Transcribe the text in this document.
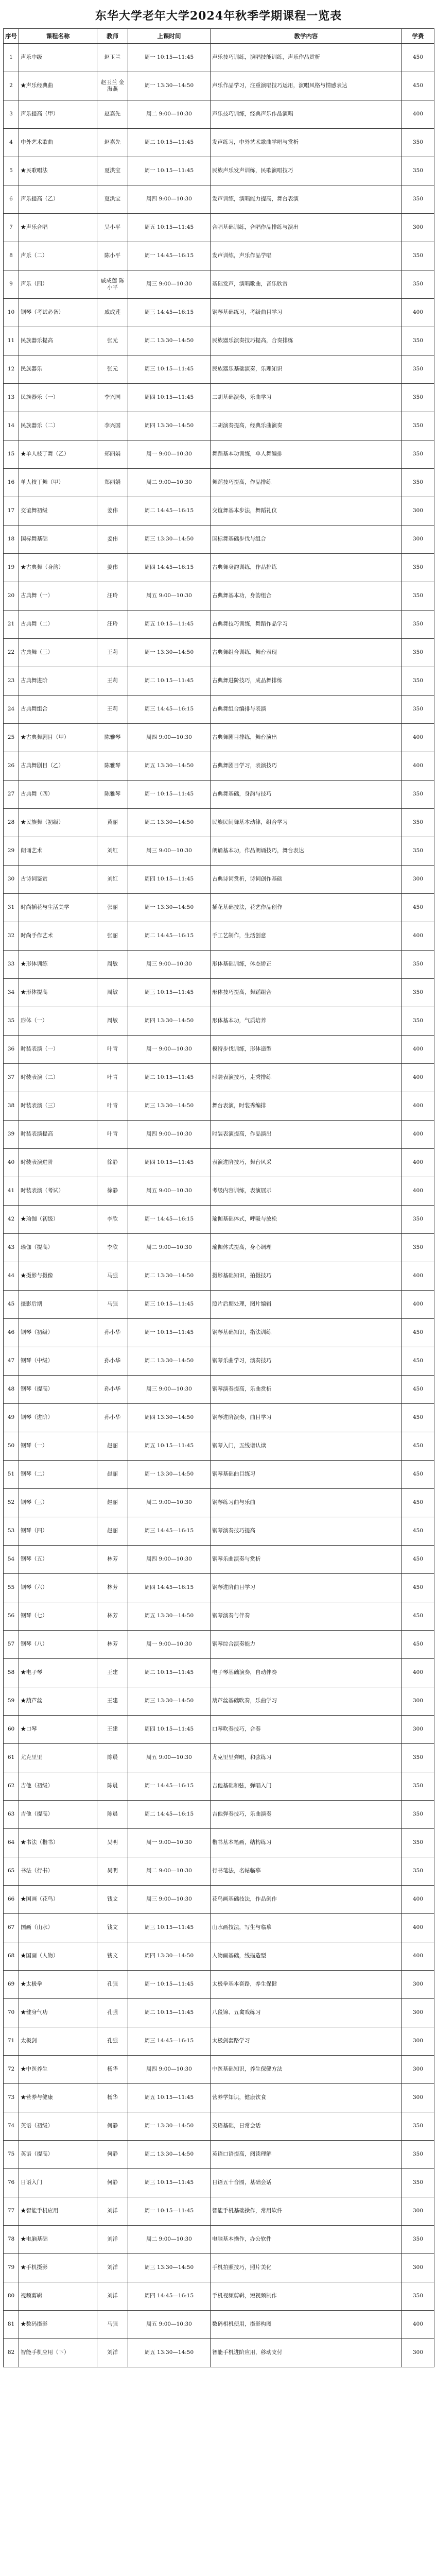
东华大学老年大学2024年秋季学期课程一览表
序号	课程名称	教师	上课时间	教学内容	学费
1	声乐中级	赵玉兰	周一 10:15—11:45	声乐技巧训练，演唱技能训练，声乐作品赏析	450
2	★声乐经典曲	赵玉兰 金海燕	周一 13:30—14:50	声乐作品学习，注重演唱技巧运用，演唱风格与情感表达	450
3	声乐提高（甲）	赵嘉先	周二 9:00—10:30	声乐技巧训练，经典声乐作品演唱	400
4	中外艺术歌曲	赵嘉先	周二 10:15—11:45	发声练习，中外艺术歌曲学唱与赏析	350
5	★民歌唱法	夏洪宝	周一 10:15—11:45	民族声乐发声训练，民歌演唱技巧	350
6	声乐提高（乙）	夏洪宝	周四 9:00—10:30	发声训练，演唱能力提高，舞台表演	350
7	★声乐合唱	吴小平	周五 10:15—11:45	合唱基础训练，合唱作品排练与演出	300
8	声乐（二）	陈小平	周一 14:45—16:15	发声训练，声乐作品学唱	350
9	声乐（四）	戚成莲 陈小平	周三 9:00—10:30	基础发声，演唱歌曲，音乐欣赏	350
10	钢琴（考试必备）	戚成莲	周三 14:45—16:15	钢琴基础练习，考级曲目学习	400
11	民族器乐提高	张元	周二 13:30—14:50	民族器乐演奏技巧提高，合奏排练	350
12	民族器乐	张元	周三 10:15—11:45	民族器乐基础演奏，乐理知识	350
13	民族器乐（一）	李兴国	周四 10:15—11:45	二胡基础演奏，乐曲学习	350
14	民族器乐（二）	李兴国	周四 13:30—14:50	二胡演奏提高，经典乐曲演奏	350
15	★单人枝丁舞（乙）	郑丽娟	周一 9:00—10:30	舞蹈基本功训练，单人舞编排	350
16	单人枝丁舞（甲）	郑丽娟	周二 9:00—10:30	舞蹈技巧提高，作品排练	350
17	交谊舞初级	姜伟	周二 14:45—16:15	交谊舞基本步法，舞蹈礼仪	300
18	国标舞基础	姜伟	周三 13:30—14:50	国标舞基础步伐与组合	300
19	★古典舞（身韵）	姜伟	周四 14:45—16:15	古典舞身韵训练，作品排练	350
20	古典舞（一）	汪玲	周五 9:00—10:30	古典舞基本功，身韵组合	350
21	古典舞（二）	汪玲	周五 10:15—11:45	古典舞技巧训练，舞蹈作品学习	350
22	古典舞（三）	王莉	周一 13:30—14:50	古典舞组合训练，舞台表现	350
23	古典舞进阶	王莉	周二 10:15—11:45	古典舞进阶技巧，成品舞排练	350
24	古典舞组合	王莉	周三 14:45—16:15	古典舞组合编排与表演	350
25	★古典舞剧目（甲）	陈雅琴	周四 9:00—10:30	古典舞剧目排练，舞台演出	400
26	古典舞剧目（乙）	陈雅琴	周五 13:30—14:50	古典舞剧目学习，表演技巧	400
27	古典舞（四）	陈雅琴	周一 10:15—11:45	古典舞基础，身韵与技巧	350
28	★民族舞（初级）	黄丽	周二 13:30—14:50	民族民间舞基本动律，组合学习	350
29	朗诵艺术	刘红	周三 9:00—10:30	朗诵基本功，作品朗诵技巧，舞台表达	350
30	古诗词鉴赏	刘红	周四 10:15—11:45	古典诗词赏析，诗词创作基础	300
31	时尚插花与生活美学	张丽	周一 13:30—14:50	插花基础技法，花艺作品创作	450
32	时尚手作艺术	张丽	周二 14:45—16:15	手工艺制作，生活创意	400
33	★形体训练	周敏	周三 9:00—10:30	形体基础训练，体态矫正	350
34	★形体提高	周敏	周三 10:15—11:45	形体技巧提高，舞蹈组合	350
35	形体（一）	周敏	周四 13:30—14:50	形体基本功，气质培养	350
36	时装表演（一）	叶青	周一 9:00—10:30	模特步伐训练，形体造型	400
37	时装表演（二）	叶青	周二 10:15—11:45	时装表演技巧，走秀排练	400
38	时装表演（三）	叶青	周三 13:30—14:50	舞台表演，时装秀编排	400
39	时装表演提高	叶青	周四 9:00—10:30	时装表演提高，作品演出	400
40	时装表演进阶	徐静	周四 10:15—11:45	表演进阶技巧，舞台风采	400
41	时装表演（考试）	徐静	周五 9:00—10:30	考级内容训练，表演展示	400
42	★瑜伽（初级）	李欣	周一 14:45—16:15	瑜伽基础体式，呼吸与放松	350
43	瑜伽（提高）	李欣	周二 9:00—10:30	瑜伽体式提高，身心调理	350
44	★摄影与摄像	马强	周二 13:30—14:50	摄影基础知识，拍摄技巧	400
45	摄影后期	马强	周三 10:15—11:45	照片后期处理，图片编辑	400
46	钢琴（初级）	孙小华	周一 10:15—11:45	钢琴基础知识，指法训练	450
47	钢琴（中级）	孙小华	周二 13:30—14:50	钢琴乐曲学习，演奏技巧	450
48	钢琴（提高）	孙小华	周三 9:00—10:30	钢琴演奏提高，乐曲赏析	450
49	钢琴（进阶）	孙小华	周四 13:30—14:50	钢琴进阶演奏，曲目学习	450
50	钢琴（一）	赵丽	周五 10:15—11:45	钢琴入门，五线谱认读	450
51	钢琴（二）	赵丽	周一 13:30—14:50	钢琴基础曲目练习	450
52	钢琴（三）	赵丽	周二 9:00—10:30	钢琴练习曲与乐曲	450
53	钢琴（四）	赵丽	周三 14:45—16:15	钢琴演奏技巧提高	450
54	钢琴（五）	林芳	周四 9:00—10:30	钢琴乐曲演奏与赏析	450
55	钢琴（六）	林芳	周四 14:45—16:15	钢琴进阶曲目学习	450
56	钢琴（七）	林芳	周五 13:30—14:50	钢琴演奏与伴奏	450
57	钢琴（八）	林芳	周一 9:00—10:30	钢琴综合演奏能力	450
58	★电子琴	王建	周二 10:15—11:45	电子琴基础演奏，自动伴奏	400
59	★葫芦丝	王建	周三 13:30—14:50	葫芦丝基础吹奏，乐曲学习	300
60	★口琴	王建	周四 10:15—11:45	口琴吹奏技巧，合奏	300
61	尤克里里	陈晨	周五 9:00—10:30	尤克里里弹唱，和弦练习	350
62	吉他（初级）	陈晨	周一 14:45—16:15	吉他基础和弦，弹唱入门	350
63	吉他（提高）	陈晨	周二 14:45—16:15	吉他弹奏技巧，乐曲演奏	350
64	★书法（楷书）	吴明	周一 9:00—10:30	楷书基本笔画，结构练习	350
65	书法（行书）	吴明	周二 9:00—10:30	行书笔法，名帖临摹	350
66	★国画（花鸟）	钱文	周三 9:00—10:30	花鸟画基础技法，作品创作	400
67	国画（山水）	钱文	周三 10:15—11:45	山水画技法，写生与临摹	400
68	★国画（人物）	钱文	周四 13:30—14:50	人物画基础，线描造型	400
69	★太极拳	孔强	周一 10:15—11:45	太极拳基本套路，养生保健	300
70	★健身气功	孔强	周二 10:15—11:45	八段锦、五禽戏练习	300
71	太极剑	孔强	周三 14:45—16:15	太极剑套路学习	300
72	★中医养生	杨华	周四 9:00—10:30	中医基础知识，养生保健方法	300
73	★营养与健康	杨华	周五 10:15—11:45	营养学知识，健康饮食	300
74	英语（初级）	何静	周一 13:30—14:50	英语基础，日常会话	350
75	英语（提高）	何静	周二 13:30—14:50	英语口语提高，阅读理解	350
76	日语入门	何静	周三 10:15—11:45	日语五十音图，基础会话	350
77	★智能手机应用	刘洋	周一 10:15—11:45	智能手机基础操作，常用软件	300
78	★电脑基础	刘洋	周二 9:00—10:30	电脑基本操作，办公软件	350
79	★手机摄影	刘洋	周三 13:30—14:50	手机拍照技巧，照片美化	300
80	视频剪辑	刘洋	周四 14:45—16:15	手机视频剪辑，短视频制作	350
81	★数码摄影	马强	周五 9:00—10:30	数码相机使用，摄影构图	400
82	智能手机应用（下）	刘洋	周五 13:30—14:50	智能手机进阶应用，移动支付	300
